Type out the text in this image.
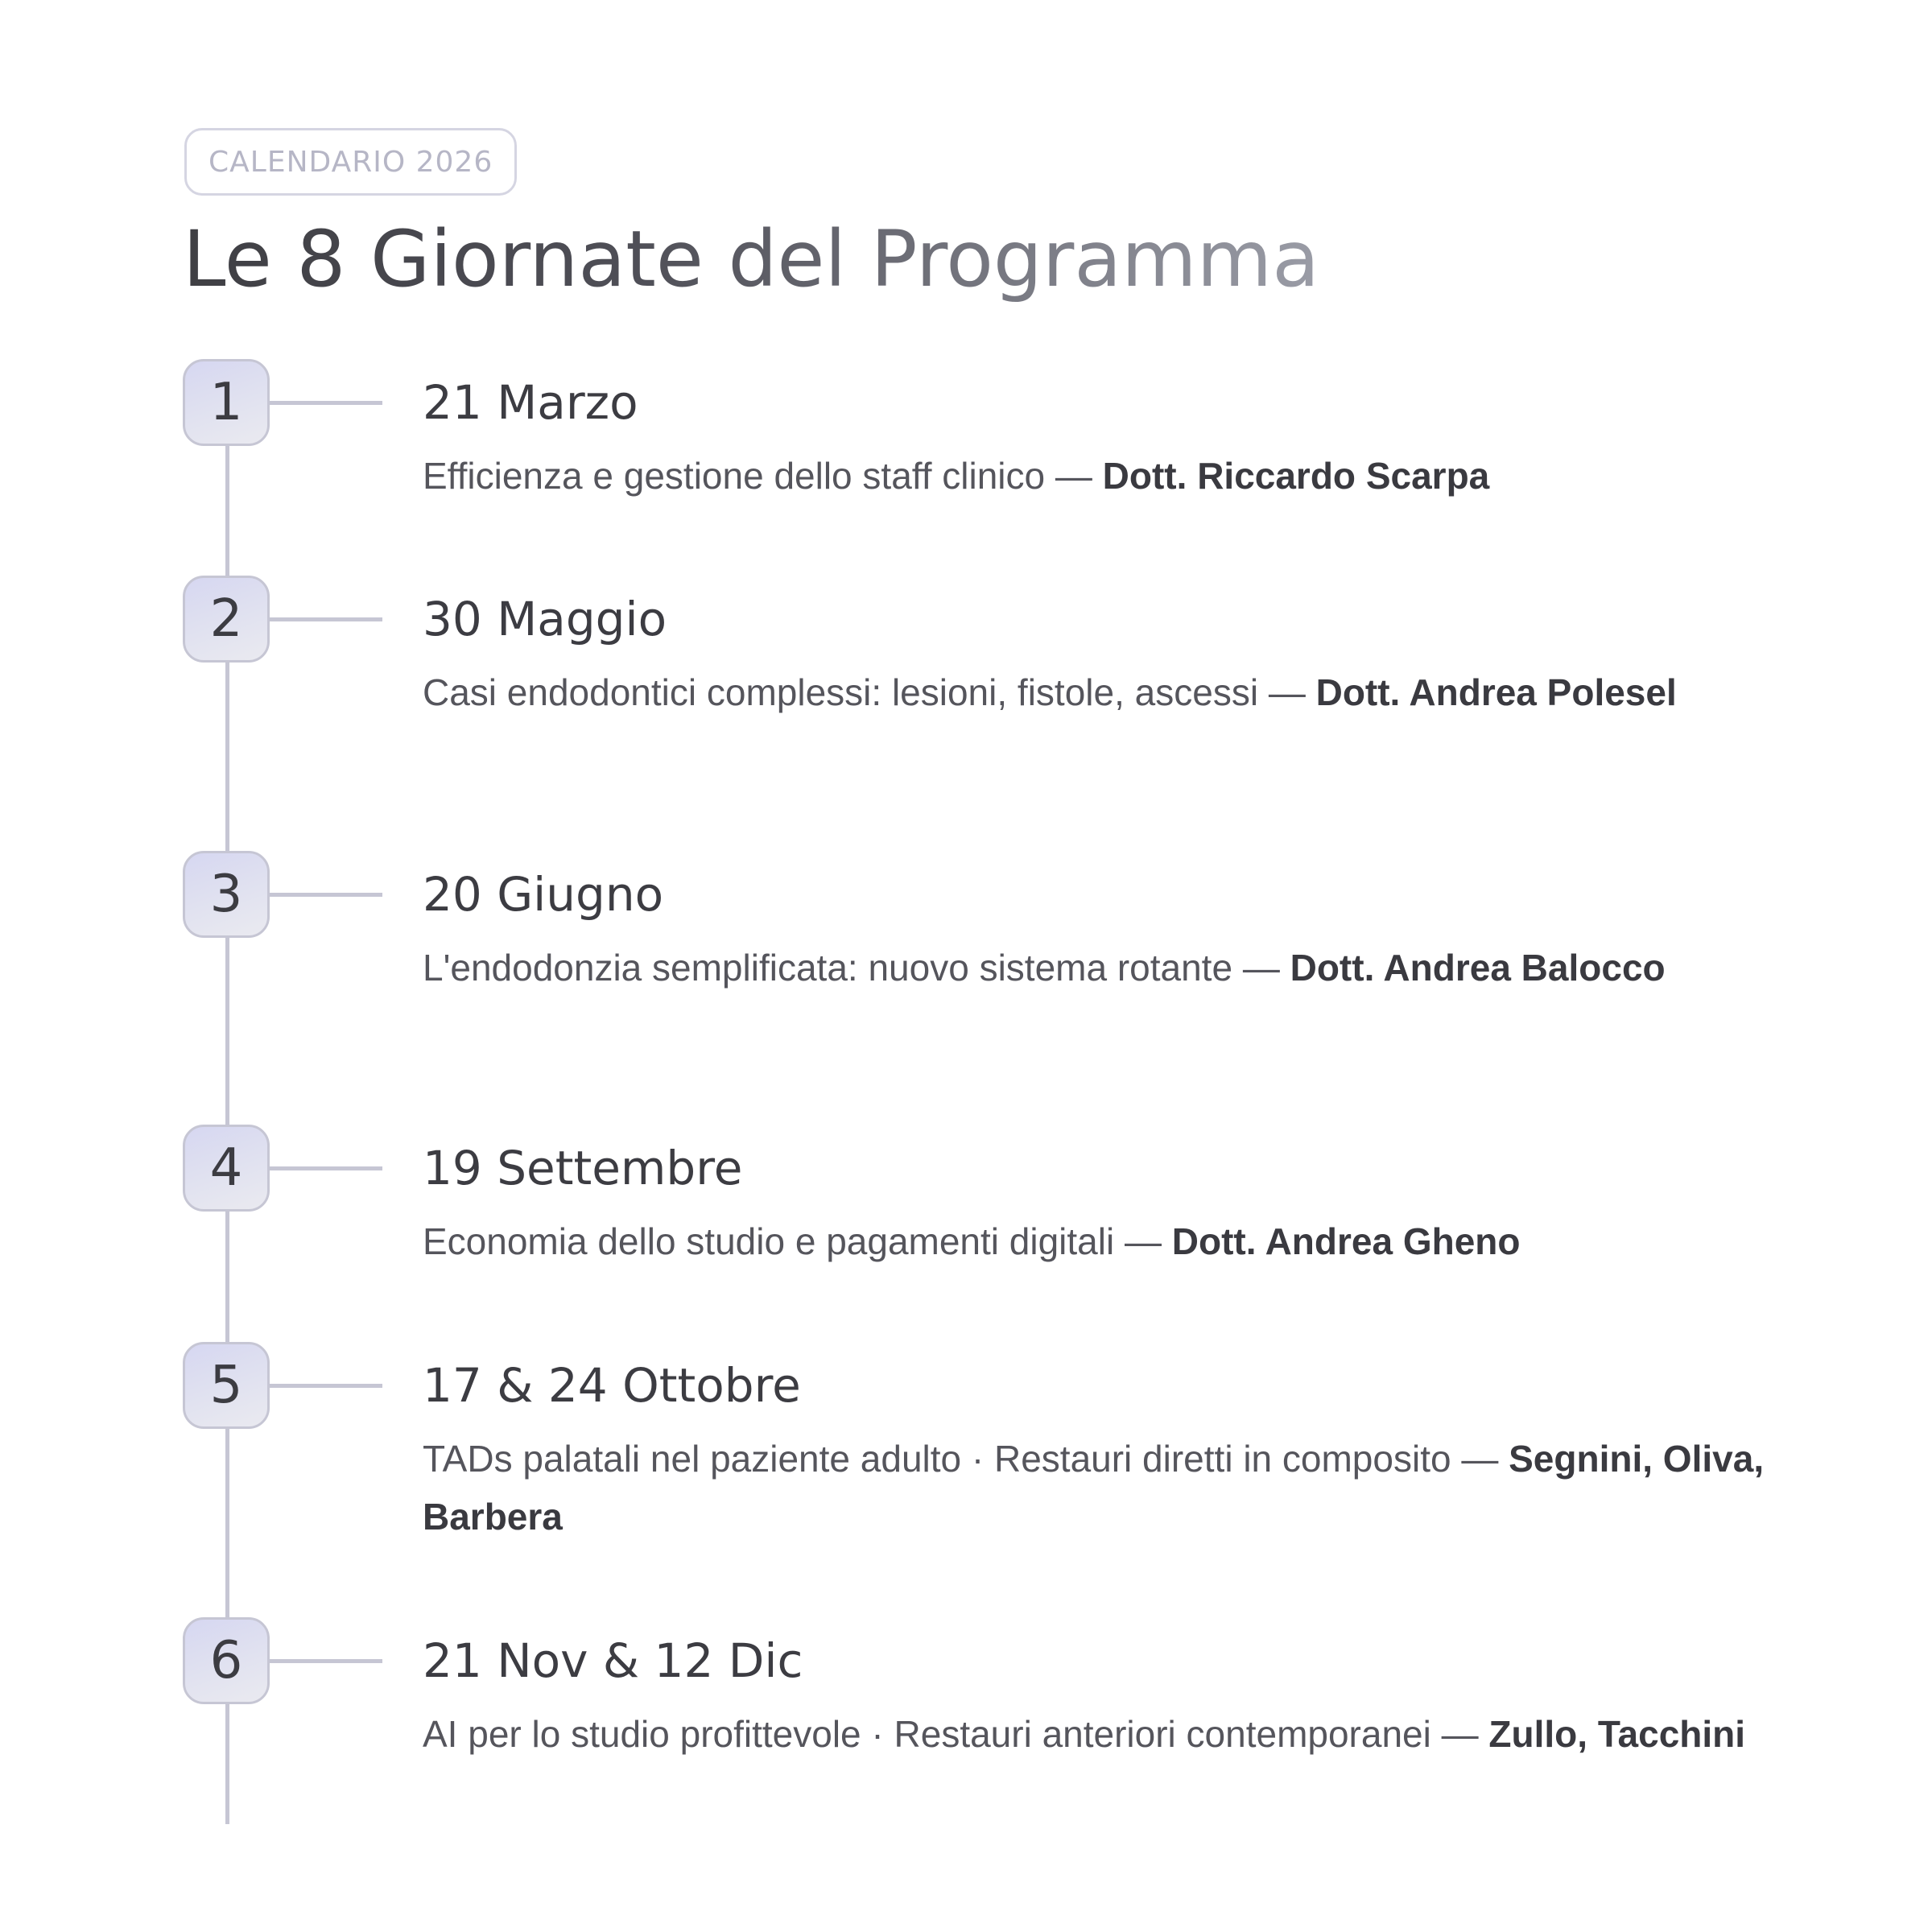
CALENDARIO 2026
Le 8 Giornate del Programma
1	21 Marzo

Efficienza e gestione dello staff clinico — Dott. Riccardo Scarpa

2	30 Maggio

Casi endodontici complessi: lesioni, fistole, ascessi — Dott. Andrea Polesel

3	20 Giugno

L'endodonzia semplificata: nuovo sistema rotante — Dott. Andrea Balocco

4	19 Settembre

Economia dello studio e pagamenti digitali — Dott. Andrea Gheno

5	17 & 24 Ottobre

TADs palatali nel paziente adulto · Restauri diretti in composito — Segnini, Oliva, Barbera

6	21 Nov & 12 Dic

AI per lo studio profittevole · Restauri anteriori contemporanei — Zullo, Tacchini
